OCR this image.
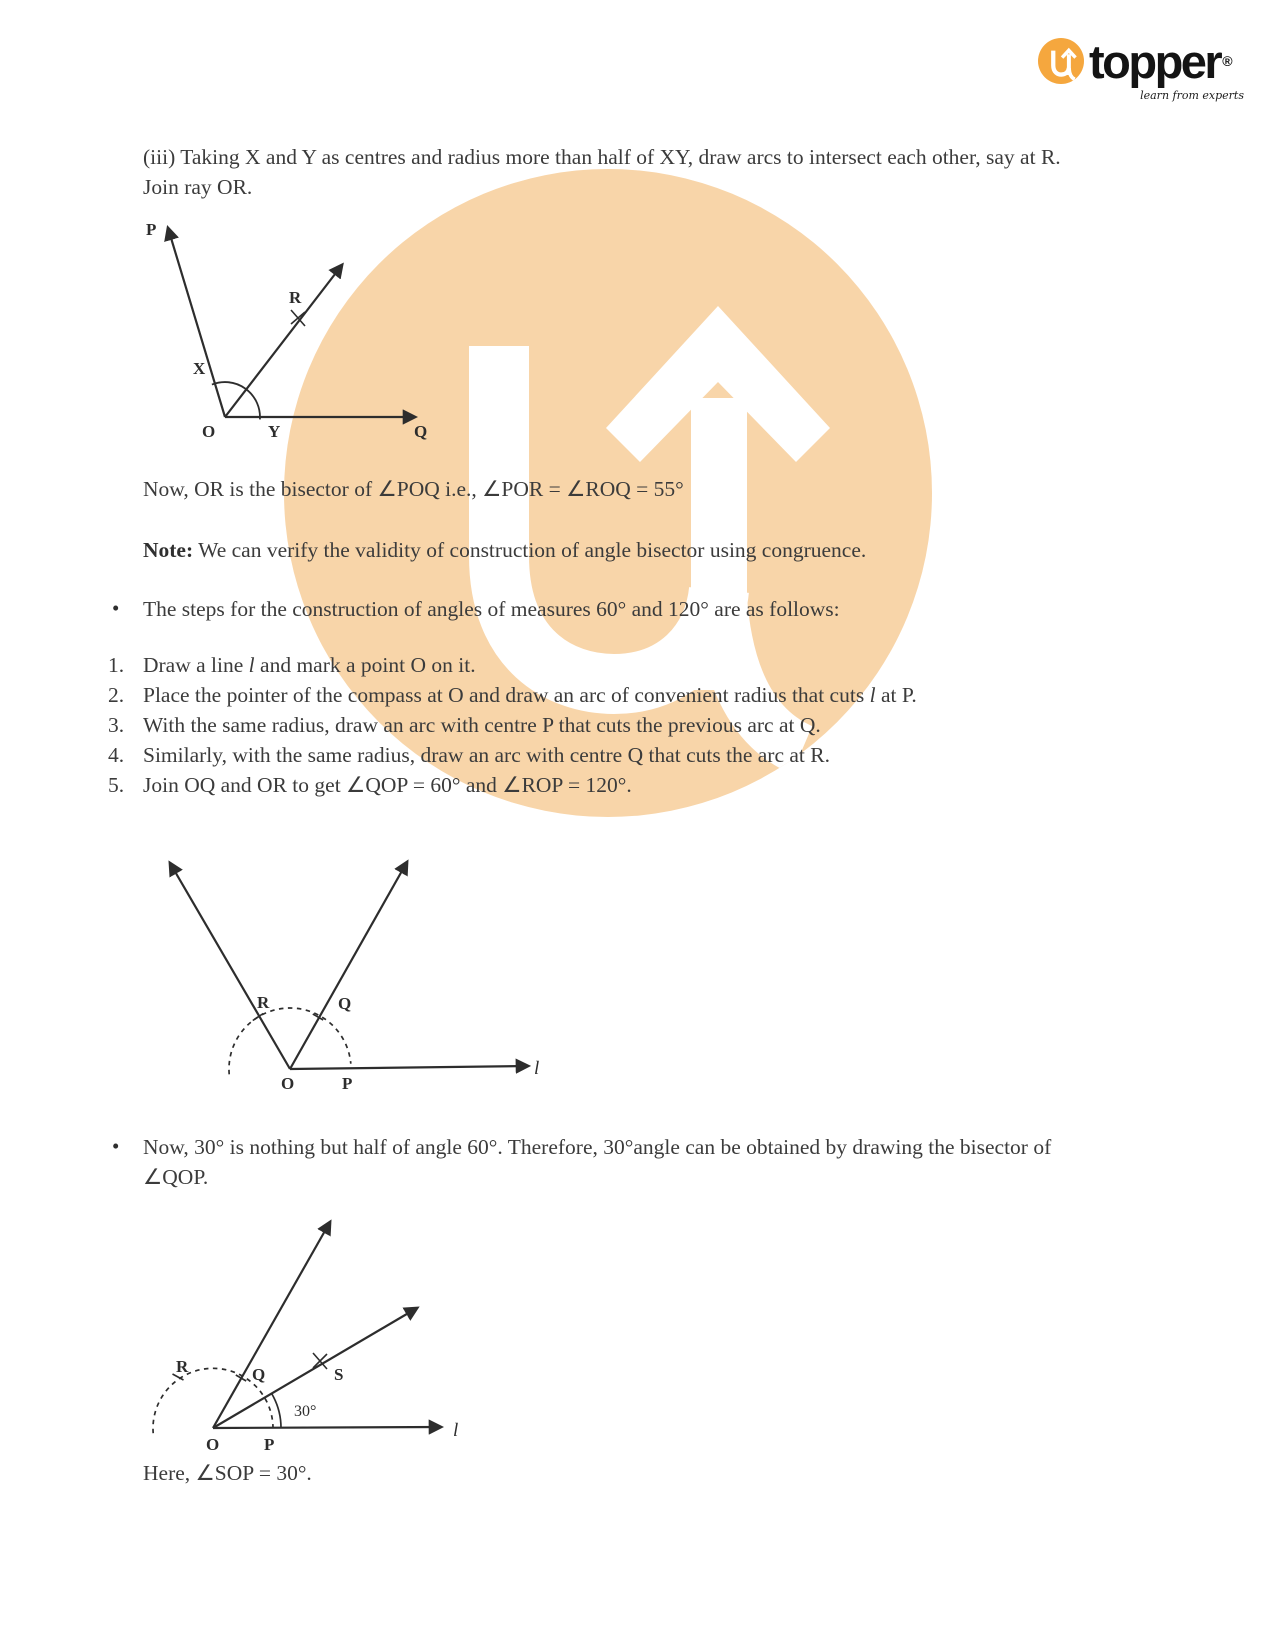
topper ®
learn from experts
(iii) Taking X and Y as centres and radius more than half of XY, draw arcs to intersect each other, say at R. Join ray OR.
P
R
X
O	Y	Q
Now, OR is the bisector of ∠POQ i.e., ∠POR = ∠ROQ = 55°
Note: We can verify the validity of construction of angle bisector using congruence.
• The steps for the construction of angles of measures 60° and 120° are as follows:
1. Draw a line l and mark a point O on it.
2. Place the pointer of the compass at O and draw an arc of convenient radius that cuts l at P.
3. With the same radius, draw an arc with centre P that cuts the previous arc at Q.
4. Similarly, with the same radius, draw an arc with centre Q that cuts the arc at R.
5. Join OQ and OR to get ∠QOP = 60° and ∠ROP = 120°.
R	Q
O	P
l
• Now, 30° is nothing but half of angle 60°. Therefore, 30°angle can be obtained by drawing the bisector of ∠QOP.
R	Q	S
30°
O	P
l
Here, ∠SOP = 30°.
